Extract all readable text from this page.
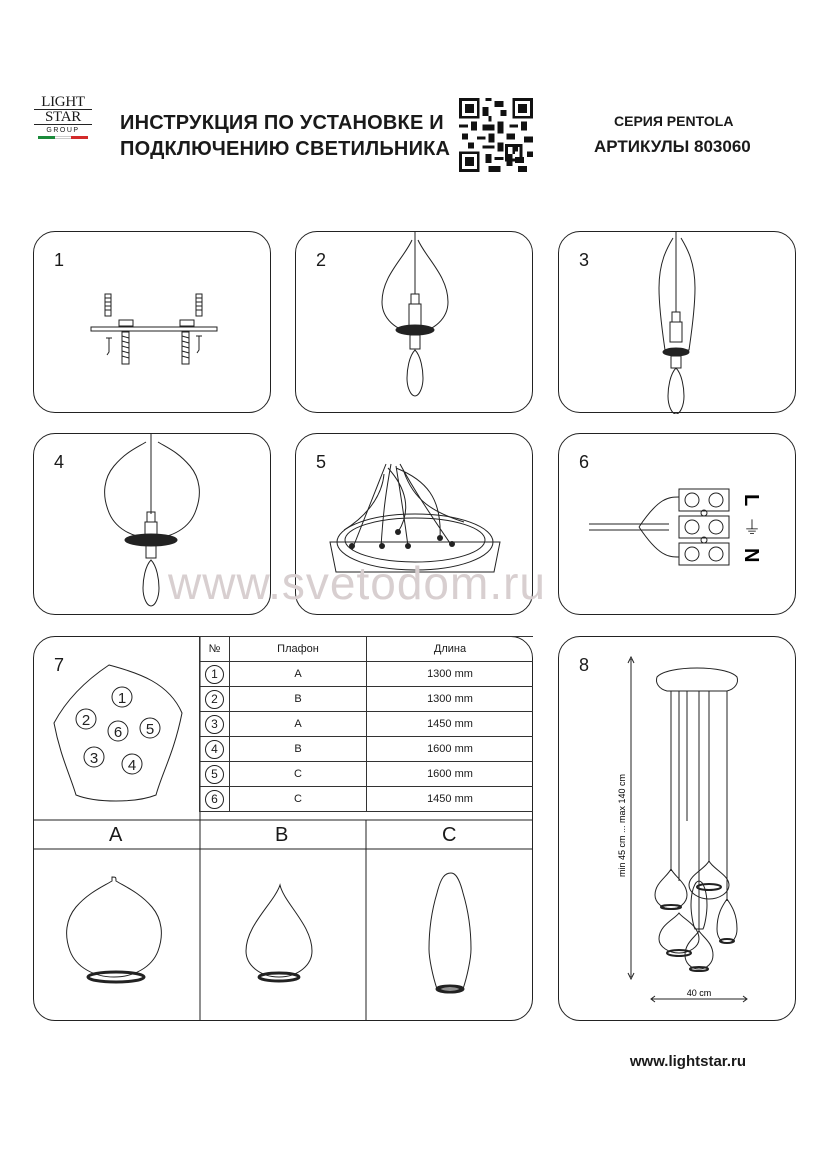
LIGHT
STAR
GROUP	ИНСТРУКЦИЯ ПО УСТАНОВКЕ И
ПОДКЛЮЧЕНИЮ СВЕТИЛЬНИКА
СЕРИЯ PENTOLA
АРТИКУЛЫ 803060
1	2	3
4	5	6
L
⏚
N
www.svetodom.ru
7
1
2
6 5
3 4
A	B	C
№	Плафон	Длина
1	A	1300 mm
2	B	1300 mm
3	A	1450 mm
4	B	1600 mm
5	C	1600 mm
6	C	1450 mm
8
min 45 cm ... max 140 cm
40 cm
www.lightstar.ru
